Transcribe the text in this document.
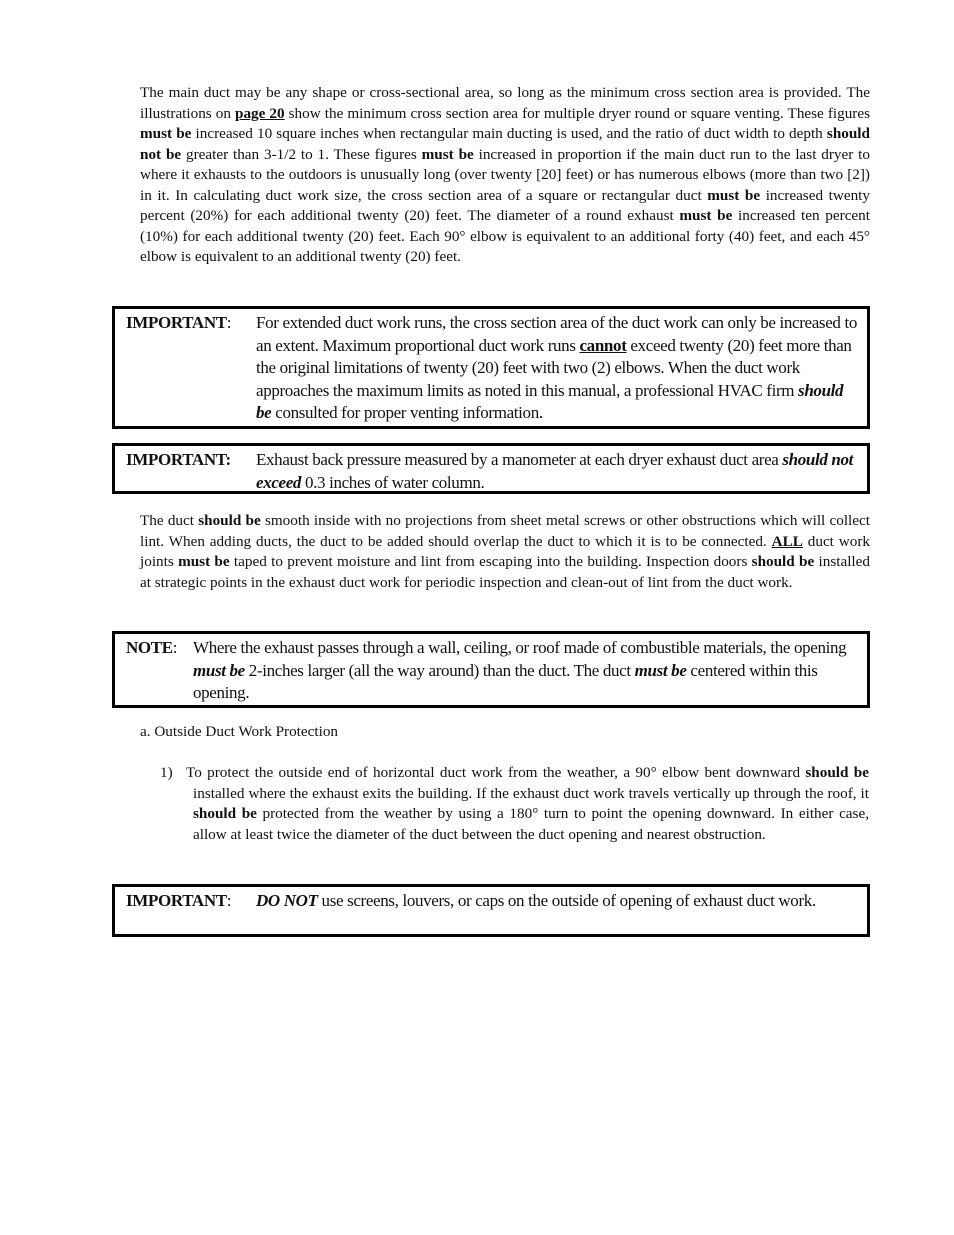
The main duct may be any shape or cross-sectional area, so long as the minimum cross section area is provided. The illustrations on page 20 show the minimum cross section area for multiple dryer round or square venting. These figures must be increased 10 square inches when rectangular main ducting is used, and the ratio of duct width to depth should not be greater than 3-1/2 to 1. These figures must be increased in proportion if the main duct run to the last dryer to where it exhausts to the outdoors is unusually long (over twenty [20] feet) or has numerous elbows (more than two [2]) in it. In calculating duct work size, the cross section area of a square or rectangular duct must be increased twenty percent (20%) for each additional twenty (20) feet. The diameter of a round exhaust must be increased ten percent (10%) for each additional twenty (20) feet. Each 90° elbow is equivalent to an additional forty (40) feet, and each 45° elbow is equivalent to an additional twenty (20) feet.
IMPORTANT:	For extended duct work runs, the cross section area of the duct work can only be increased to an extent. Maximum proportional duct work runs cannot exceed twenty (20) feet more than the original limitations of twenty (20) feet with two (2) elbows. When the duct work approaches the maximum limits as noted in this manual, a professional HVAC firm should be consulted for proper venting information.
IMPORTANT:	Exhaust back pressure measured by a manometer at each dryer exhaust duct area should not exceed 0.3 inches of water column.
The duct should be smooth inside with no projections from sheet metal screws or other obstructions which will collect lint. When adding ducts, the duct to be added should overlap the duct to which it is to be connected. ALL duct work joints must be taped to prevent moisture and lint from escaping into the building. Inspection doors should be installed at strategic points in the exhaust duct work for periodic inspection and clean-out of lint from the duct work.
NOTE: Where the exhaust passes through a wall, ceiling, or roof made of combustible materials, the opening must be 2-inches larger (all the way around) than the duct. The duct must be centered within this opening.
a. Outside Duct Work Protection
1) To protect the outside end of horizontal duct work from the weather, a 90° elbow bent downward should be installed where the exhaust exits the building. If the exhaust duct work travels vertically up through the roof, it should be protected from the weather by using a 180° turn to point the opening downward. In either case, allow at least twice the diameter of the duct between the duct opening and nearest obstruction.
IMPORTANT:	DO NOT use screens, louvers, or caps on the outside of opening of exhaust duct work.
